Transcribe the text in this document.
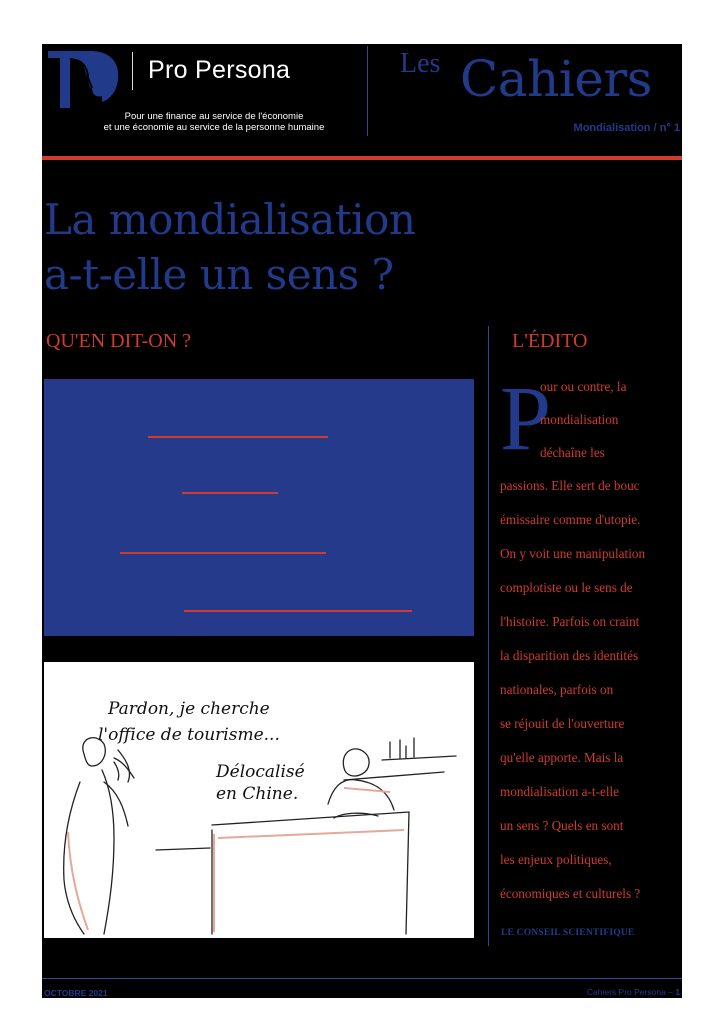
Pro Persona
Pour une finance au service de l'économie
et une économie au service de la personne humaine
Les Cahiers
Mondialisation / n° 1
La mondialisation
a-t-elle un sens ?
QU'EN DIT-ON ?	L'ÉDITO
Pardon, je cherche
l'office de tourisme...
Délocalisé
en Chine.
P
our ou contre, la
mondialisation
déchaîne les
passions. Elle sert de bouc
émissaire comme d'utopie.
On y voit une manipulation
complotiste ou le sens de
l'histoire. Parfois on craint
la disparition des identités
nationales, parfois on
se réjouit de l'ouverture
qu'elle apporte. Mais la
mondialisation a-t-elle
un sens ? Quels en sont
les enjeux politiques,
économiques et culturels ?
LE CONSEIL SCIENTIFIQUE
OCTOBRE 2021	Cahiers Pro Persona – 1
